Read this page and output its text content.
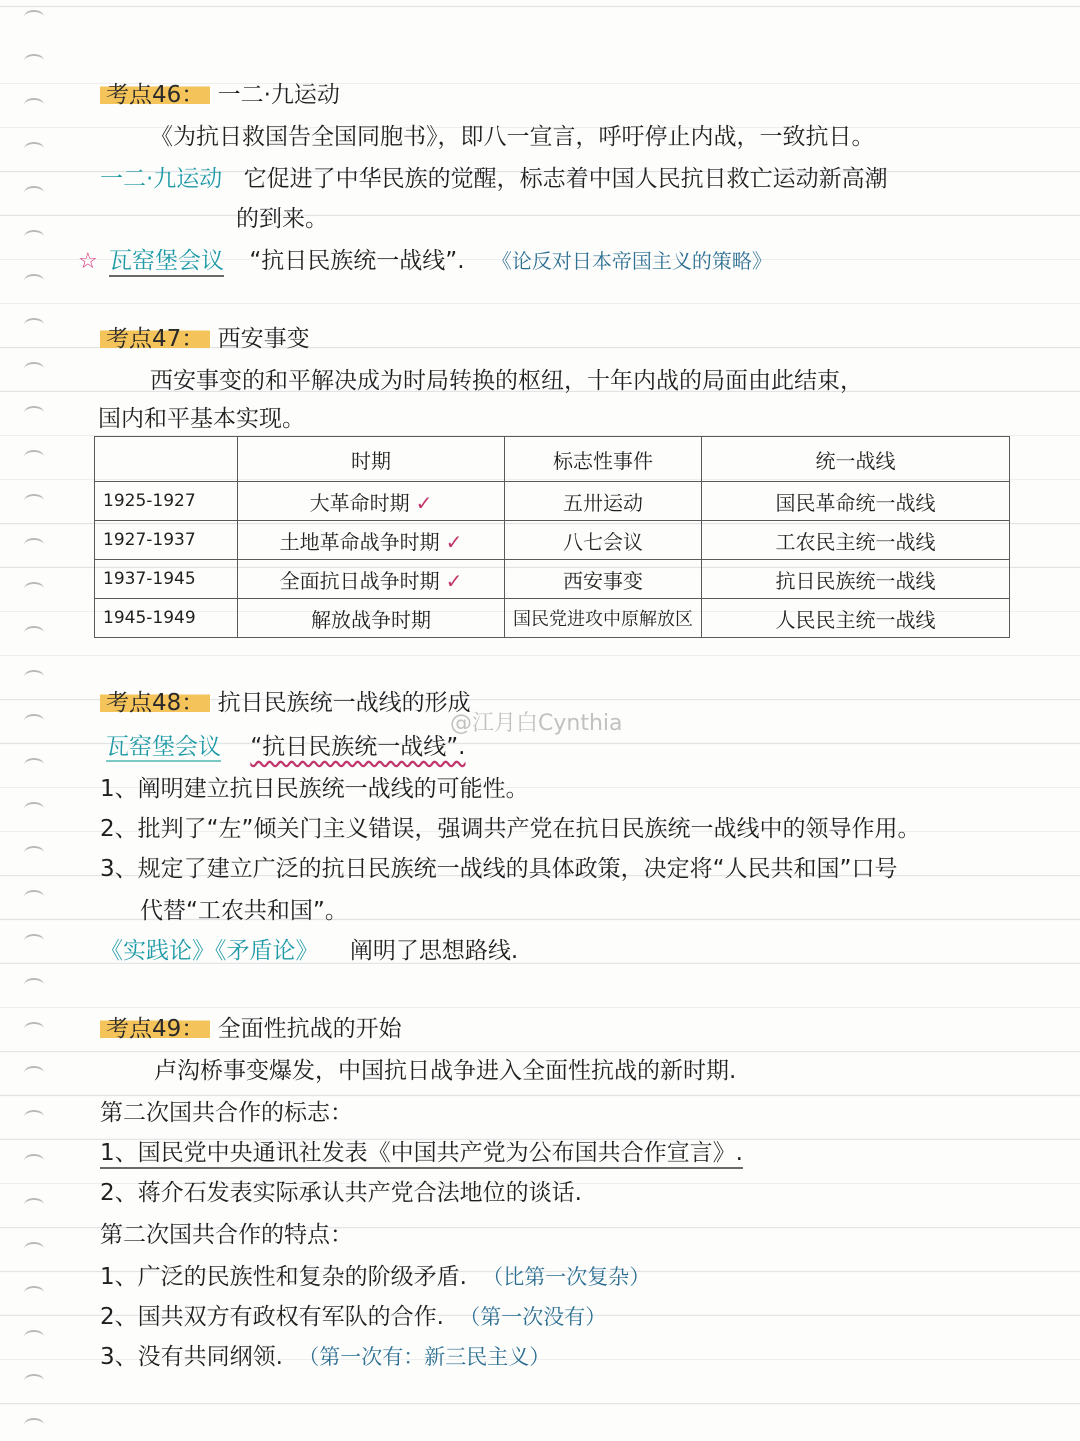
考点46： 一二·九运动
《为抗日救国告全国同胞书》，即八一宣言，呼吁停止内战，一致抗日。
一二·九运动 它促进了中华民族的觉醒，标志着中国人民抗日救亡运动新高潮
的到来。
☆ 瓦窑堡会议 “抗日民族统一战线”. 《论反对日本帝国主义的策略》
考点47： 西安事变
西安事变的和平解决成为时局转换的枢纽，十年内战的局面由此结束，
国内和平基本实现。
	时期	标志性事件	统一战线
1925-1927	大革命时期 ✓	五卅运动	国民革命统一战线
1927-1937	土地革命战争时期 ✓	八七会议	工农民主统一战线
1937-1945	全面抗日战争时期 ✓	西安事变	抗日民族统一战线
1945-1949	解放战争时期	国民党进攻中原解放区	人民民主统一战线
考点48： 抗日民族统一战线的形成
@江月白Cynthia
瓦窑堡会议 “抗日民族统一战线”.
1、阐明建立抗日民族统一战线的可能性。
2、批判了“左”倾关门主义错误，强调共产党在抗日民族统一战线中的领导作用。
3、规定了建立广泛的抗日民族统一战线的具体政策，决定将“人民共和国”口号
代替“工农共和国”。
《实践论》《矛盾论》 阐明了思想路线.
考点49： 全面性抗战的开始
卢沟桥事变爆发，中国抗日战争进入全面性抗战的新时期.
第二次国共合作的标志：
1、国民党中央通讯社发表《中国共产党为公布国共合作宣言》.
2、蒋介石发表实际承认共产党合法地位的谈话.
第二次国共合作的特点：
1、广泛的民族性和复杂的阶级矛盾. （比第一次复杂）
2、国共双方有政权有军队的合作. （第一次没有）
3、没有共同纲领. （第一次有：新三民主义）
